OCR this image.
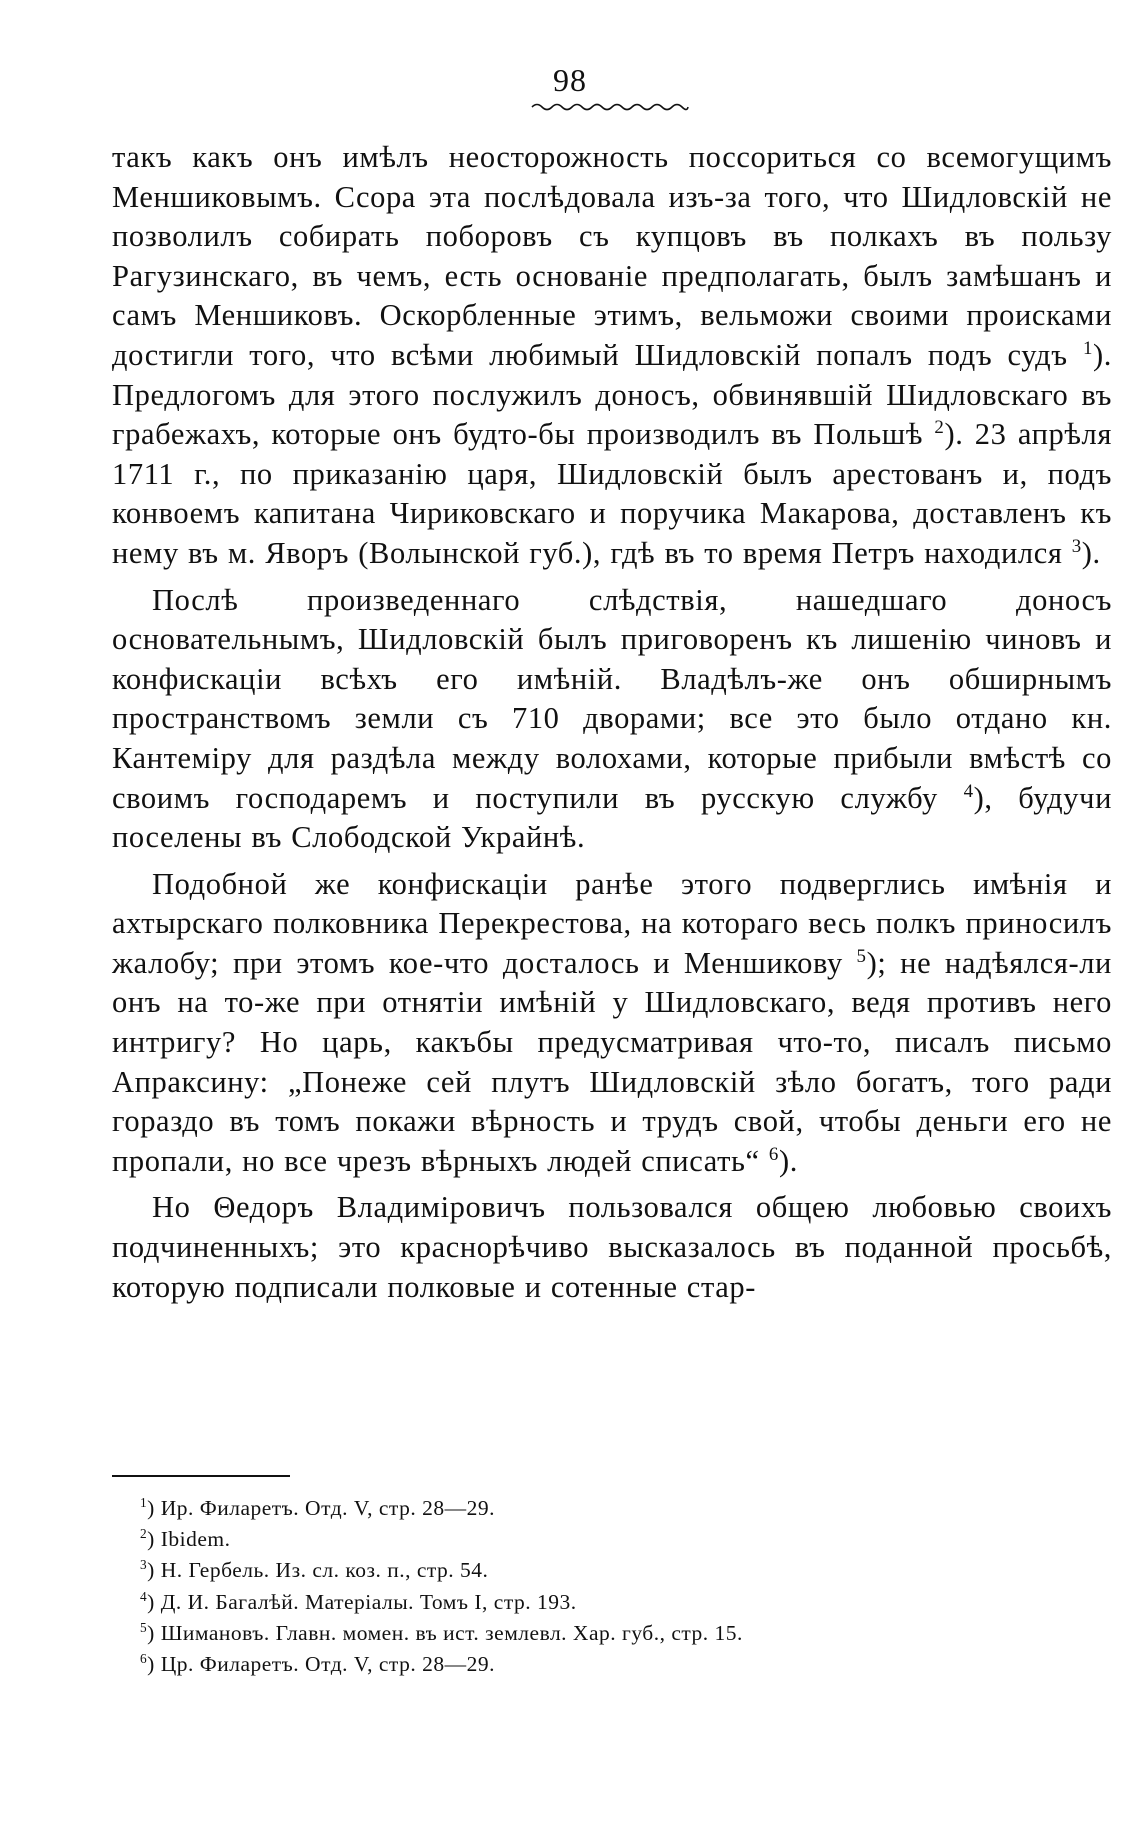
98

такъ какъ онъ имѣлъ неосторожность поссориться со всемогущимъ Меншиковымъ. Ссора эта послѣдовала изъ-за того, что Шидловскій не позволилъ собирать поборовъ съ купцовъ въ полкахъ въ пользу Рагузинскаго, въ чемъ, есть основаніе предполагать, былъ замѣшанъ и самъ Меншиковъ. Оскорбленные этимъ, вельможи своими происками достигли того, что всѣми любимый Шидловскій попалъ подъ судъ $^1$). Предлогомъ для этого послужилъ доносъ, обвинявшій Шидловскаго въ грабежахъ, которые онъ будто-бы производилъ въ Польшѣ $^2$). 23 апрѣля 1711 г., по приказанію царя, Шидловскій былъ арестованъ и, подъ конвоемъ капитана Чириковскаго и поручика Макарова, доставленъ къ нему въ м. Яворъ (Волынской губ.), гдѣ въ то время Петръ находился $^3$).

Послѣ произведеннаго слѣдствія, нашедшаго доносъ основательнымъ, Шидловскій былъ приговоренъ къ лишенію чиновъ и конфискаціи всѣхъ его имѣній. Владѣлъ-же онъ обширнымъ пространствомъ земли съ 710 дворами; все это было отдано кн. Кантеміру для раздѣла между волохами, которые прибыли вмѣстѣ со своимъ господаремъ и поступили въ русскую службу $^4$), будучи поселены въ Слободской Украйнѣ.

Подобной же конфискаціи ранѣе этого подверглись имѣнія и ахтырскаго полковника Перекрестова, на котораго весь полкъ приносилъ жалобу; при этомъ кое-что досталось и Меншикову $^5$); не надѣялся-ли онъ на то-же при отнятіи имѣній у Шидловскаго, ведя противъ него интригу? Но царь, какъбы предусматривая что-то, писалъ письмо Апраксину: „Понеже сей плутъ Шидловскій зѣло богатъ, того ради гораздо въ томъ покажи вѣрность и трудъ свой, чтобы деньги его не пропали, но все чрезъ вѣрныхъ людей списать“ $^6$).

Но Θедоръ Владиміровичъ пользовался общею любовью своихъ подчиненныхъ; это краснорѣчиво высказалось въ поданной просьбѣ, которую подписали полковые и сотенные стар-

$^1$) Ир. Филаретъ. Отд. V, стр. 28—29.
$^2$) Ibidem.
$^3$) Н. Гербель. Из. сл. коз. п., стр. 54.
$^4$) Д. И. Багалѣй. Матеріалы. Томъ I, стр. 193.
$^5$) Шимановъ. Главн. момен. въ ист. землевл. Хар. губ., стр. 15.
$^6$) Цр. Филаретъ. Отд. V, стр. 28—29.
